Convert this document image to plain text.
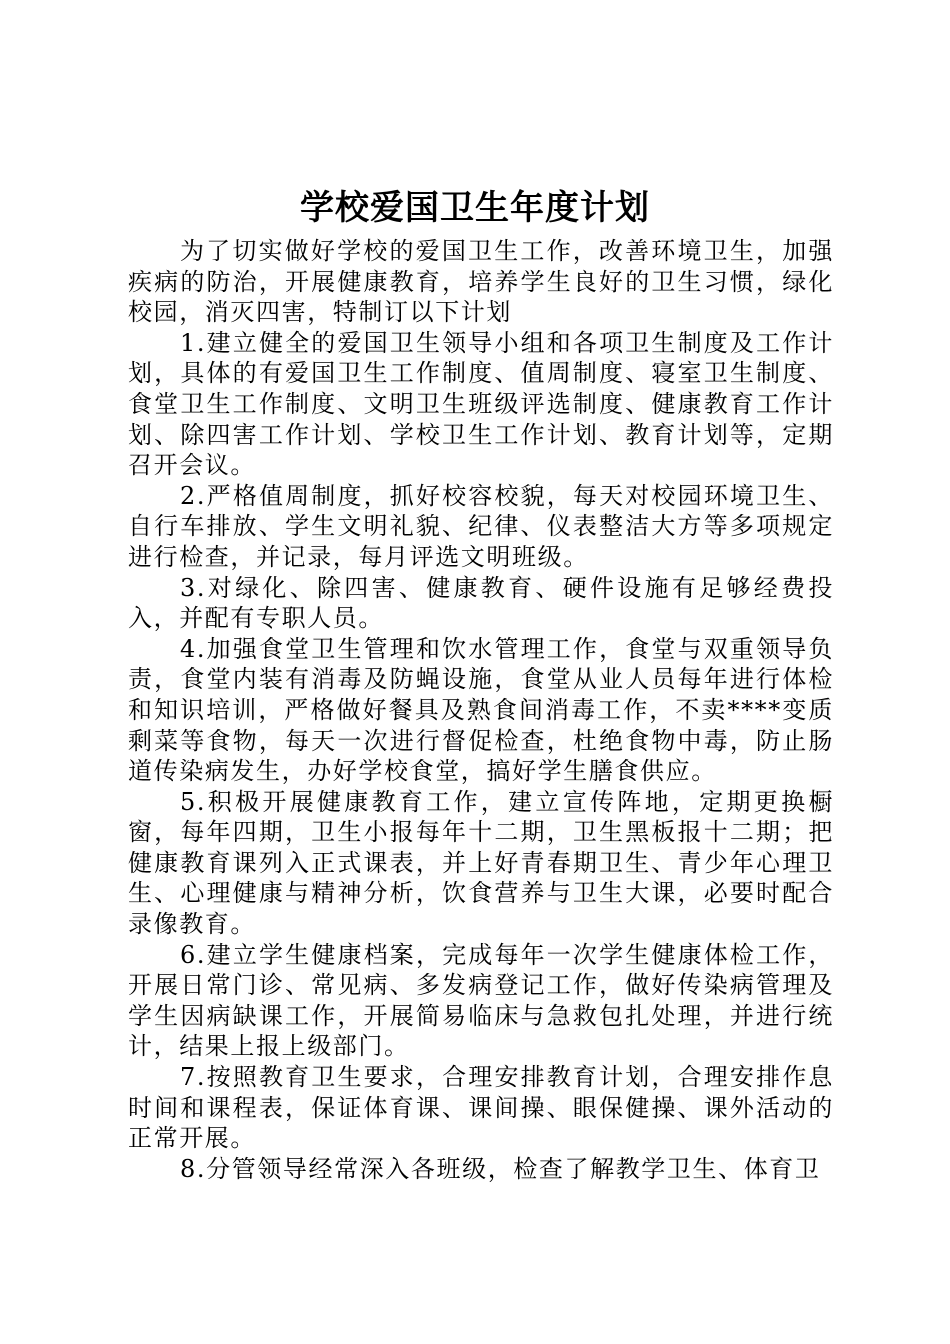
学校爱国卫生年度计划

为了切实做好学校的爱国卫生工作，改善环境卫生，加强疾病的防治，开展健康教育，培养学生良好的卫生习惯，绿化校园，消灭四害，特制订以下计划

1.建立健全的爱国卫生领导小组和各项卫生制度及工作计划，具体的有爱国卫生工作制度、值周制度、寝室卫生制度、食堂卫生工作制度、文明卫生班级评选制度、健康教育工作计划、除四害工作计划、学校卫生工作计划、教育计划等，定期召开会议。

2.严格值周制度，抓好校容校貌，每天对校园环境卫生、自行车排放、学生文明礼貌、纪律、仪表整洁大方等多项规定进行检查，并记录，每月评选文明班级。

3.对绿化、除四害、健康教育、硬件设施有足够经费投入，并配有专职人员。

4.加强食堂卫生管理和饮水管理工作，食堂与双重领导负责，食堂内装有消毒及防蝇设施，食堂从业人员每年进行体检和知识培训，严格做好餐具及熟食间消毒工作，不卖****变质剩菜等食物，每天一次进行督促检查，杜绝食物中毒，防止肠道传染病发生，办好学校食堂，搞好学生膳食供应。

5.积极开展健康教育工作，建立宣传阵地，定期更换橱窗，每年四期，卫生小报每年十二期，卫生黑板报十二期；把健康教育课列入正式课表，并上好青春期卫生、青少年心理卫生、心理健康与精神分析，饮食营养与卫生大课，必要时配合录像教育。

6.建立学生健康档案，完成每年一次学生健康体检工作，开展日常门诊、常见病、多发病登记工作，做好传染病管理及学生因病缺课工作，开展简易临床与急救包扎处理，并进行统计，结果上报上级部门。

7.按照教育卫生要求，合理安排教育计划，合理安排作息时间和课程表，保证体育课、课间操、眼保健操、课外活动的正常开展。

8.分管领导经常深入各班级，检查了解教学卫生、体育卫
